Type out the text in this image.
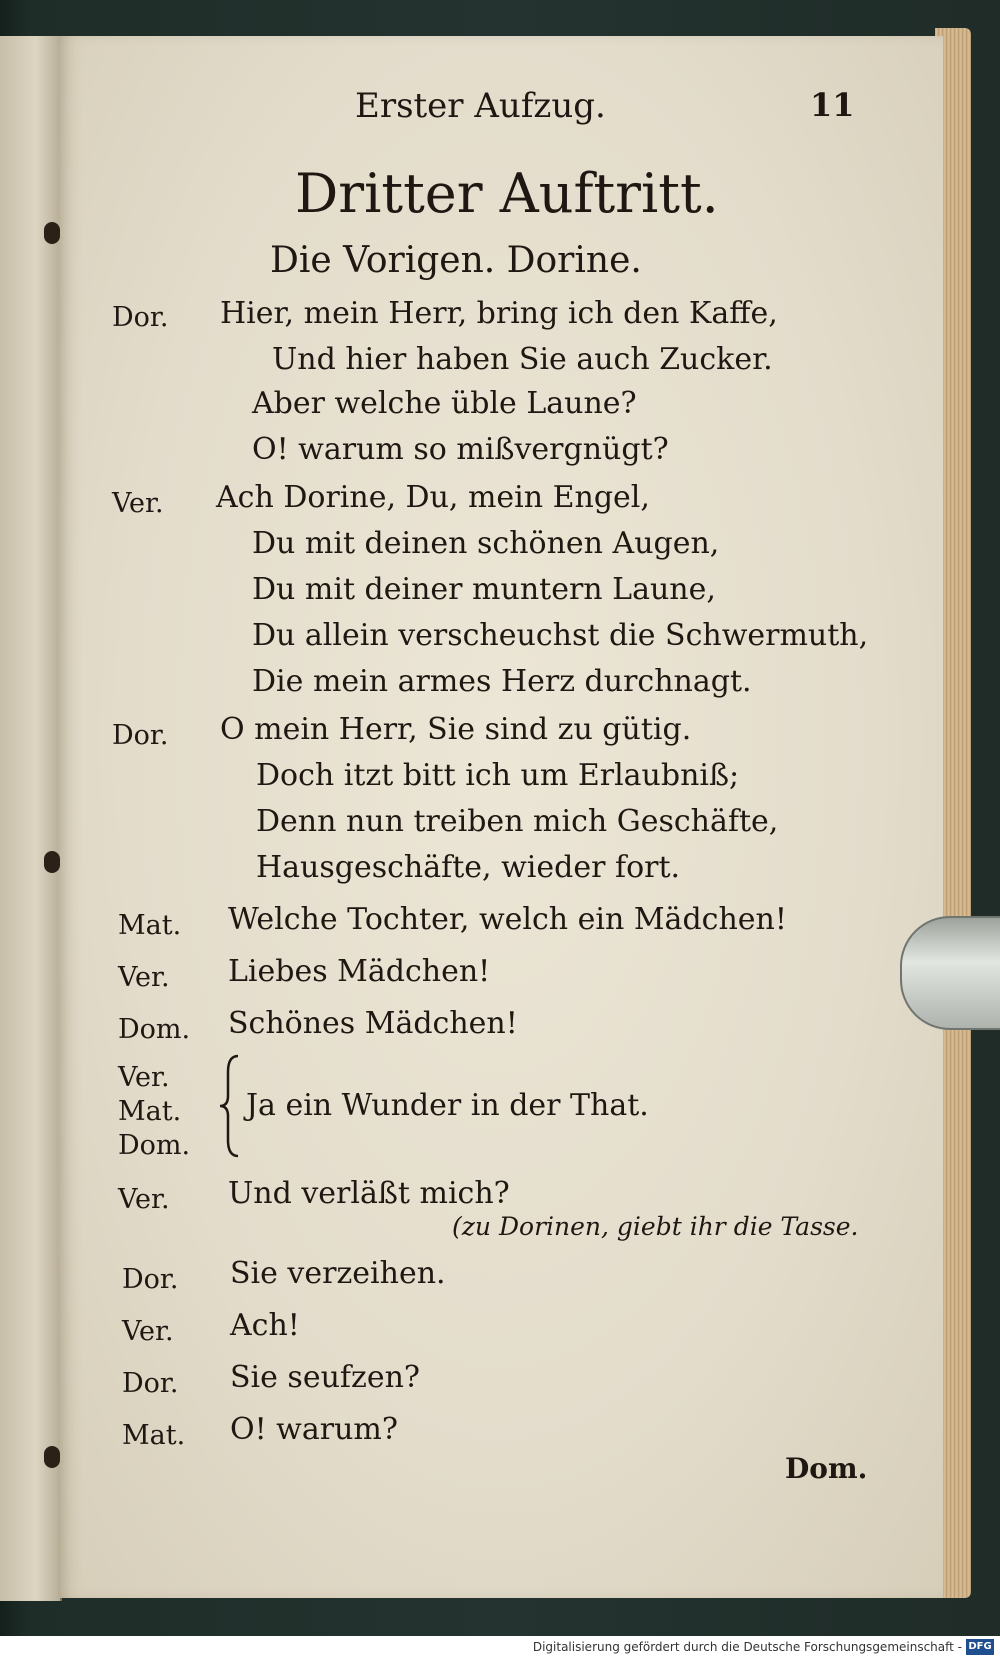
Erster Aufzug.	11
Dritter Auftritt.
Die Vorigen. Dorine.
Dor. Hier, mein Herr, bring ich den Kaffe,
Und hier haben Sie auch Zucker.
Aber welche üble Laune?
O! warum so mißvergnügt?
Ver. Ach Dorine, Du, mein Engel,
Du mit deinen schönen Augen,
Du mit deiner muntern Laune,
Du allein verscheuchst die Schwermuth,
Die mein armes Herz durchnagt.
Dor. O mein Herr, Sie sind zu gütig.
Doch itzt bitt ich um Erlaubniß;
Denn nun treiben mich Geschäfte,
Hausgeschäfte, wieder fort.
Mat. Welche Tochter, welch ein Mädchen!
Ver. Liebes Mädchen!
Dom. Schönes Mädchen!
Ver.
Mat.
Dom.
Ja ein Wunder in der That.
Ver. Und verläßt mich?
(zu Dorinen, giebt ihr die Tasse.
Dor. Sie verzeihen.
Ver. Ach!
Dor. Sie seufzen?
Mat. O! warum?
Dom.
Digitalisierung gefördert durch die Deutsche Forschungsgemeinschaft - DFG
